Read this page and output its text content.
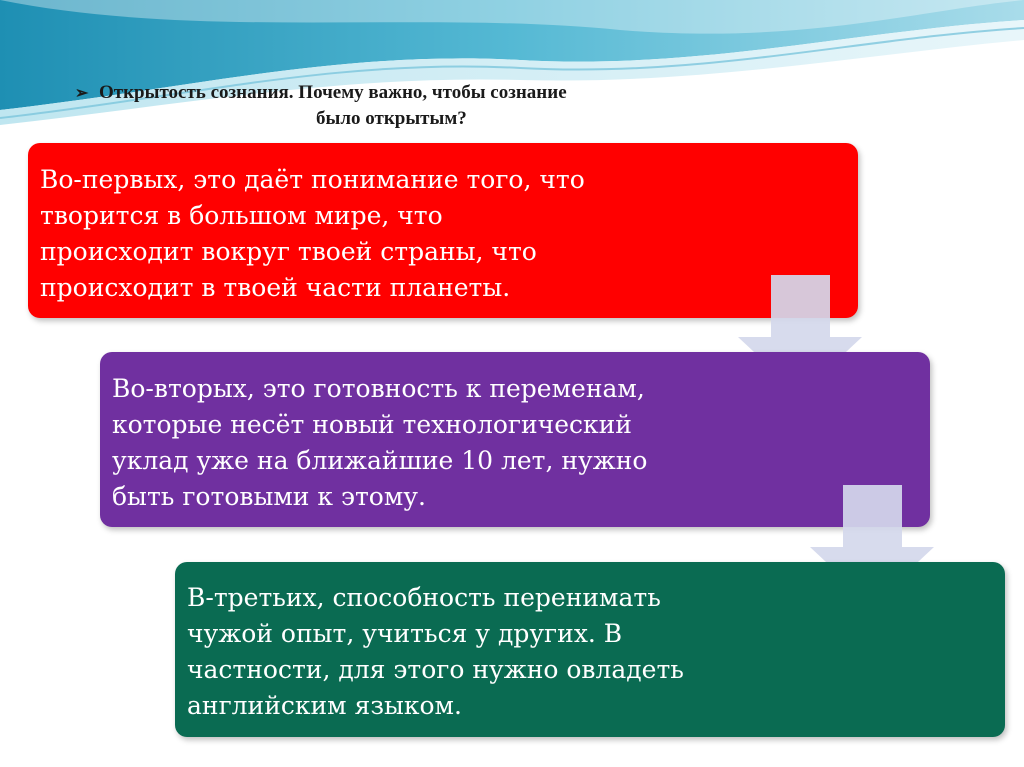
➢ Открытость сознания. Почему важно, чтобы сознание
было открытым?
Во-первых, это даёт понимание того, что
творится в большом мире, что
происходит вокруг твоей страны, что
происходит в твоей части планеты.
Во-вторых, это готовность к переменам,
которые несёт новый технологический
уклад уже на ближайшие 10 лет, нужно
быть готовыми к этому.
В-третьих, способность перенимать
чужой опыт, учиться у других. В
частности, для этого нужно овладеть
английским языком.
